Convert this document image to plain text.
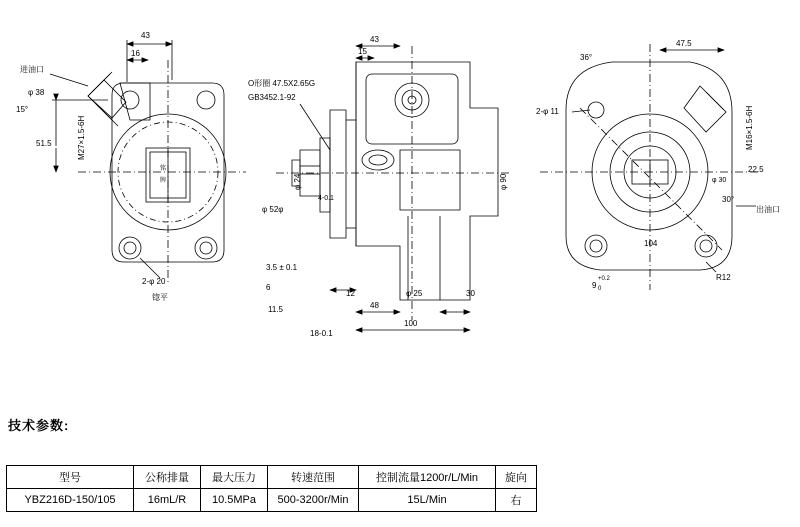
铭
牌
43
16
进油口
φ 38
15°
M27×1.5-6H
51.5
2-φ 20
锪平
O形圈 47.5X2.65G
GB3452.1-92
φ 52φ
φ 24
4-0.1
43
15
φ 90
3.5 ± 0.1
6
11.5
18-0.1
12
48
100
φ 25	30
36°
47.5
2-φ 11	M16×1.5-6H
φ 30
22.5
30°
出油口
104
9
+0.2
0
R12
技术参数:
型号	公称排量	最大压力	转速范围	控制流量1200r/L/Min	旋向
YBZ216D-150/105	16mL/R	10.5MPa	500-3200r/Min	15L/Min	右
